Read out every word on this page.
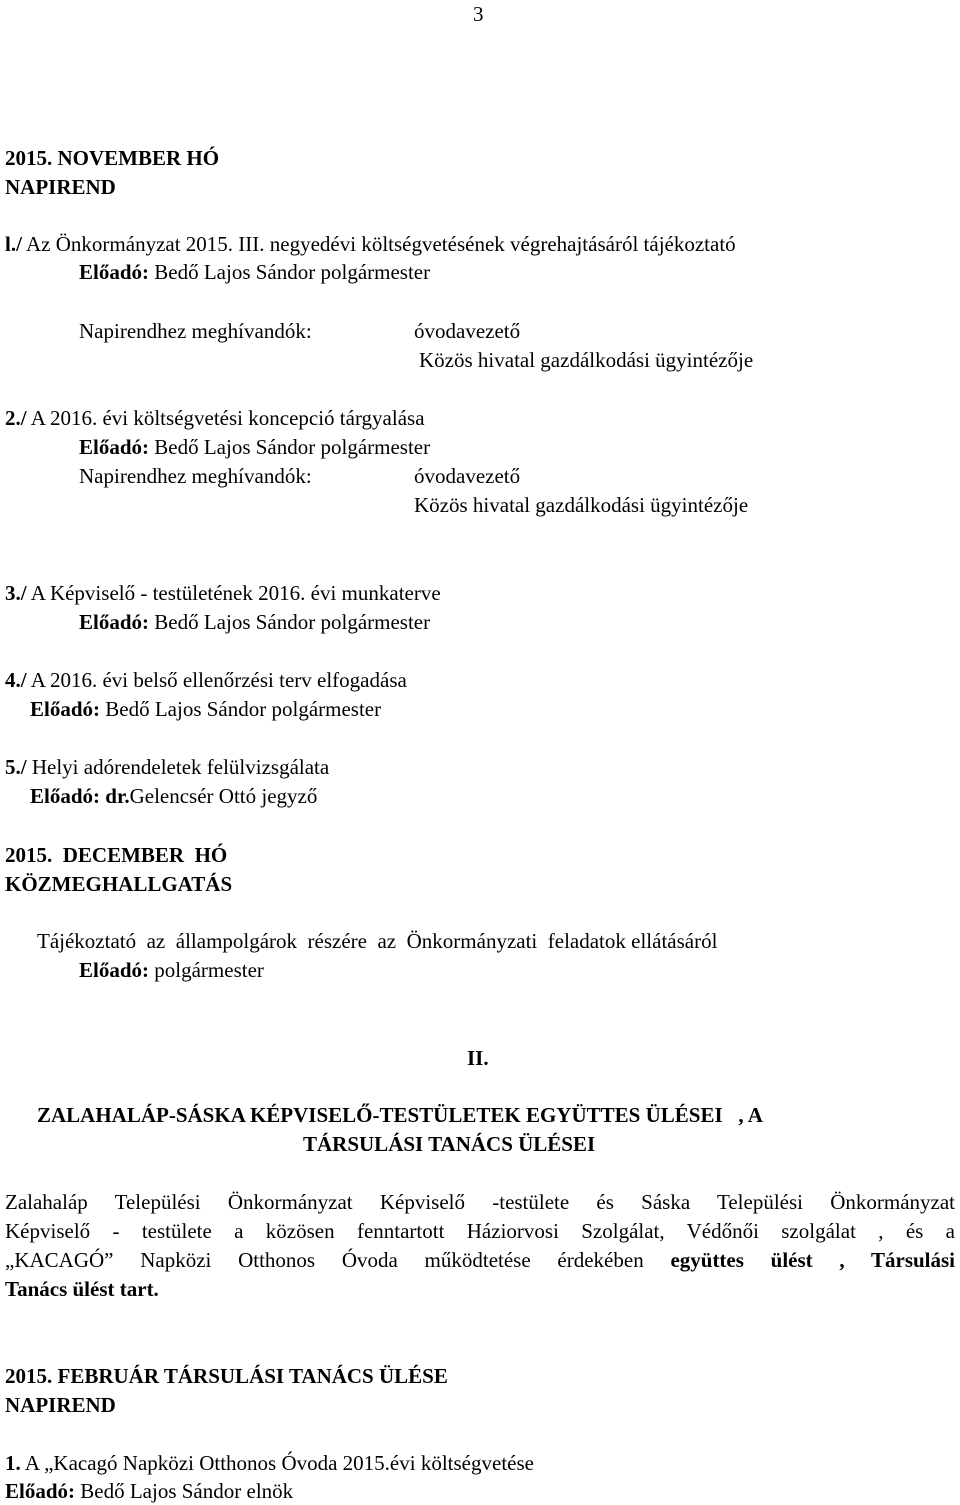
3
2015. NOVEMBER HÓ
NAPIREND
l./ Az Önkormányzat 2015. III. negyedévi költségvetésének végrehajtásáról tájékoztató
Előadó: Bedő Lajos Sándor polgármester
Napirendhez meghívandók:	óvodavezető
Közös hivatal gazdálkodási ügyintézője
2./ A 2016. évi költségvetési koncepció tárgyalása
Előadó: Bedő Lajos Sándor polgármester
Napirendhez meghívandók:	óvodavezető
Közös hivatal gazdálkodási ügyintézője
3./ A Képviselő - testületének 2016. évi munkaterve
Előadó: Bedő Lajos Sándor polgármester
4./ A 2016. évi belső ellenőrzési terv elfogadása
Előadó: Bedő Lajos Sándor polgármester
5./ Helyi adórendeletek felülvizsgálata
Előadó: dr.Gelencsér Ottó jegyző
2015.  DECEMBER  HÓ
KÖZMEGHALLGATÁS
Tájékoztató  az  állampolgárok  részére  az  Önkormányzati  feladatok ellátásáról
Előadó: polgármester
II.
ZALAHALÁP-SÁSKA KÉPVISELŐ-TESTÜLETEK EGYÜTTES ÜLÉSEI   , A
TÁRSULÁSI TANÁCS ÜLÉSEI
Zalahaláp Települési Önkormányzat Képviselő -testülete és Sáska Települési Önkormányzat
Képviselő - testülete a közösen fenntartott Háziorvosi Szolgálat, Védőnői szolgálat , és a
„KACAGÓ” Napközi Otthonos Óvoda működtetése érdekében együttes ülést , Társulási
Tanács ülést tart.
2015. FEBRUÁR TÁRSULÁSI TANÁCS ÜLÉSE
NAPIREND
1. A „Kacagó Napközi Otthonos Óvoda 2015.évi költségvetése
Előadó: Bedő Lajos Sándor elnök
